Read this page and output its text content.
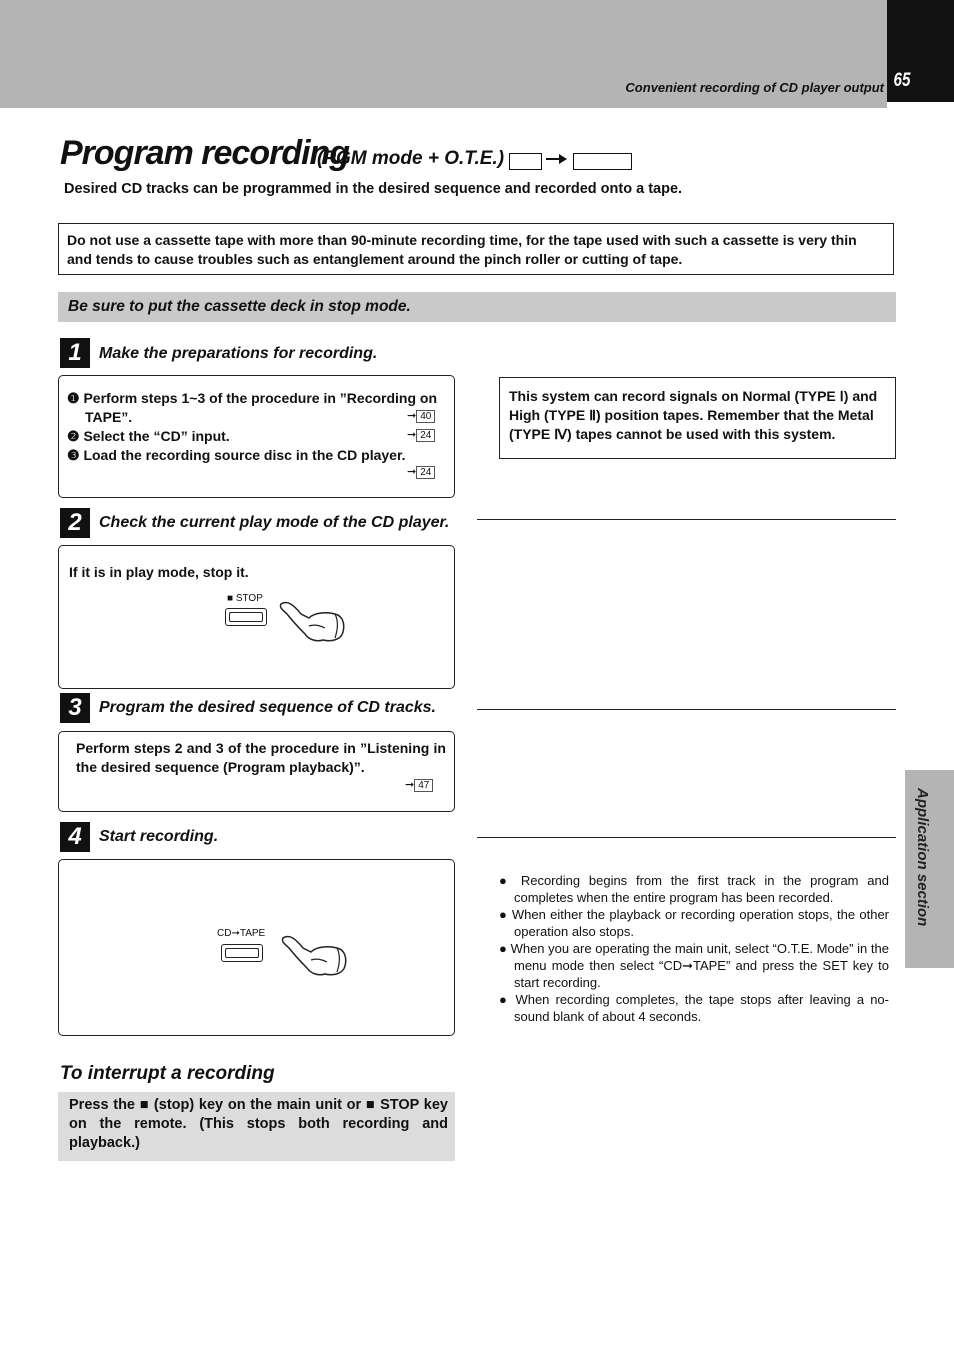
Convenient recording of CD player output 65
Program recording
(PGM mode + O.T.E.)
Desired CD tracks can be programmed in the desired sequence and recorded onto a tape.
Do not use a cassette tape with more than 90-minute recording time, for the tape used with such a cassette is very thin and tends to cause troubles such as entanglement around the pinch roller or cutting of tape.
Be sure to put the cassette deck in stop mode.
1	Make the preparations for recording.
❶ Perform steps 1~3 of the procedure in ”Recording on TAPE”.	➞ 40
❷ Select the “CD” input.	➞ 24
❸ Load the recording source disc in the CD player.
➞ 24
2	Check the current play mode of the CD player.
If it is in play mode, stop it.
■ STOP
3	Program the desired sequence of CD tracks.
Perform steps 2 and 3 of the procedure in ”Listening in the desired sequence (Program playback)”.
➞ 47
4	Start recording.
CD➞TAPE
This system can record signals on Normal (TYPE Ⅰ) and High (TYPE Ⅱ) position tapes. Remember that the Metal (TYPE Ⅳ) tapes cannot be used with this system.
● Recording begins from the first track in the program and completes when the entire program has been recorded.
● When either the playback or recording operation stops, the other operation also stops.
● When you are operating the main unit, select “O.T.E. Mode” in the menu mode then select “CD➞TAPE” and press the SET key to start recording.
● When recording completes, the tape stops after leaving a no-sound blank of about 4 seconds.
Application section
To interrupt a recording
Press the ■ (stop) key on the main unit or ■ STOP key on the remote. (This stops both recording and playback.)
